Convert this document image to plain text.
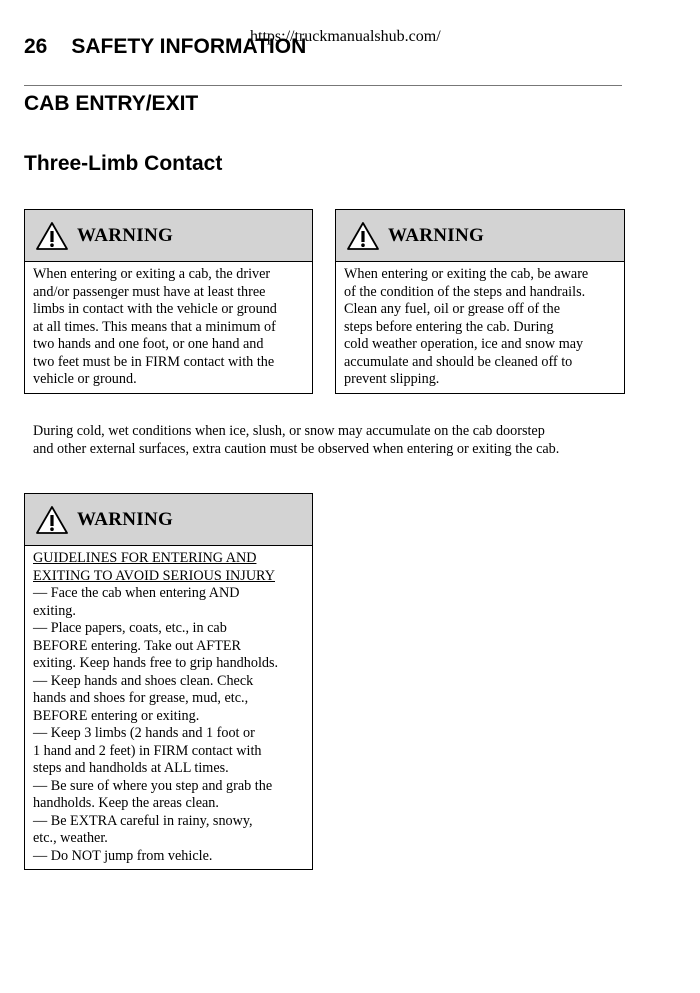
https://truckmanualshub.com/
26 SAFETY INFORMATION
CAB ENTRY/EXIT
Three-Limb Contact
WARNING
When entering or exiting a cab, the driver
and/or passenger must have at least three
limbs in contact with the vehicle or ground
at all times. This means that a minimum of
two hands and one foot, or one hand and
two feet must be in FIRM contact with the
vehicle or ground.
WARNING
When entering or exiting the cab, be aware
of the condition of the steps and handrails.
Clean any fuel, oil or grease off of the
steps before entering the cab. During
cold weather operation, ice and snow may
accumulate and should be cleaned off to
prevent slipping.
During cold, wet conditions when ice, slush, or snow may accumulate on the cab doorstep
and other external surfaces, extra caution must be observed when entering or exiting the cab.
WARNING
GUIDELINES FOR ENTERING AND
EXITING TO AVOID SERIOUS INJURY
— Face the cab when entering AND
exiting.
— Place papers, coats, etc., in cab
BEFORE entering. Take out AFTER
exiting. Keep hands free to grip handholds.
— Keep hands and shoes clean. Check
hands and shoes for grease, mud, etc.,
BEFORE entering or exiting.
— Keep 3 limbs (2 hands and 1 foot or
1 hand and 2 feet) in FIRM contact with
steps and handholds at ALL times.
— Be sure of where you step and grab the
handholds. Keep the areas clean.
— Be EXTRA careful in rainy, snowy,
etc., weather.
— Do NOT jump from vehicle.
